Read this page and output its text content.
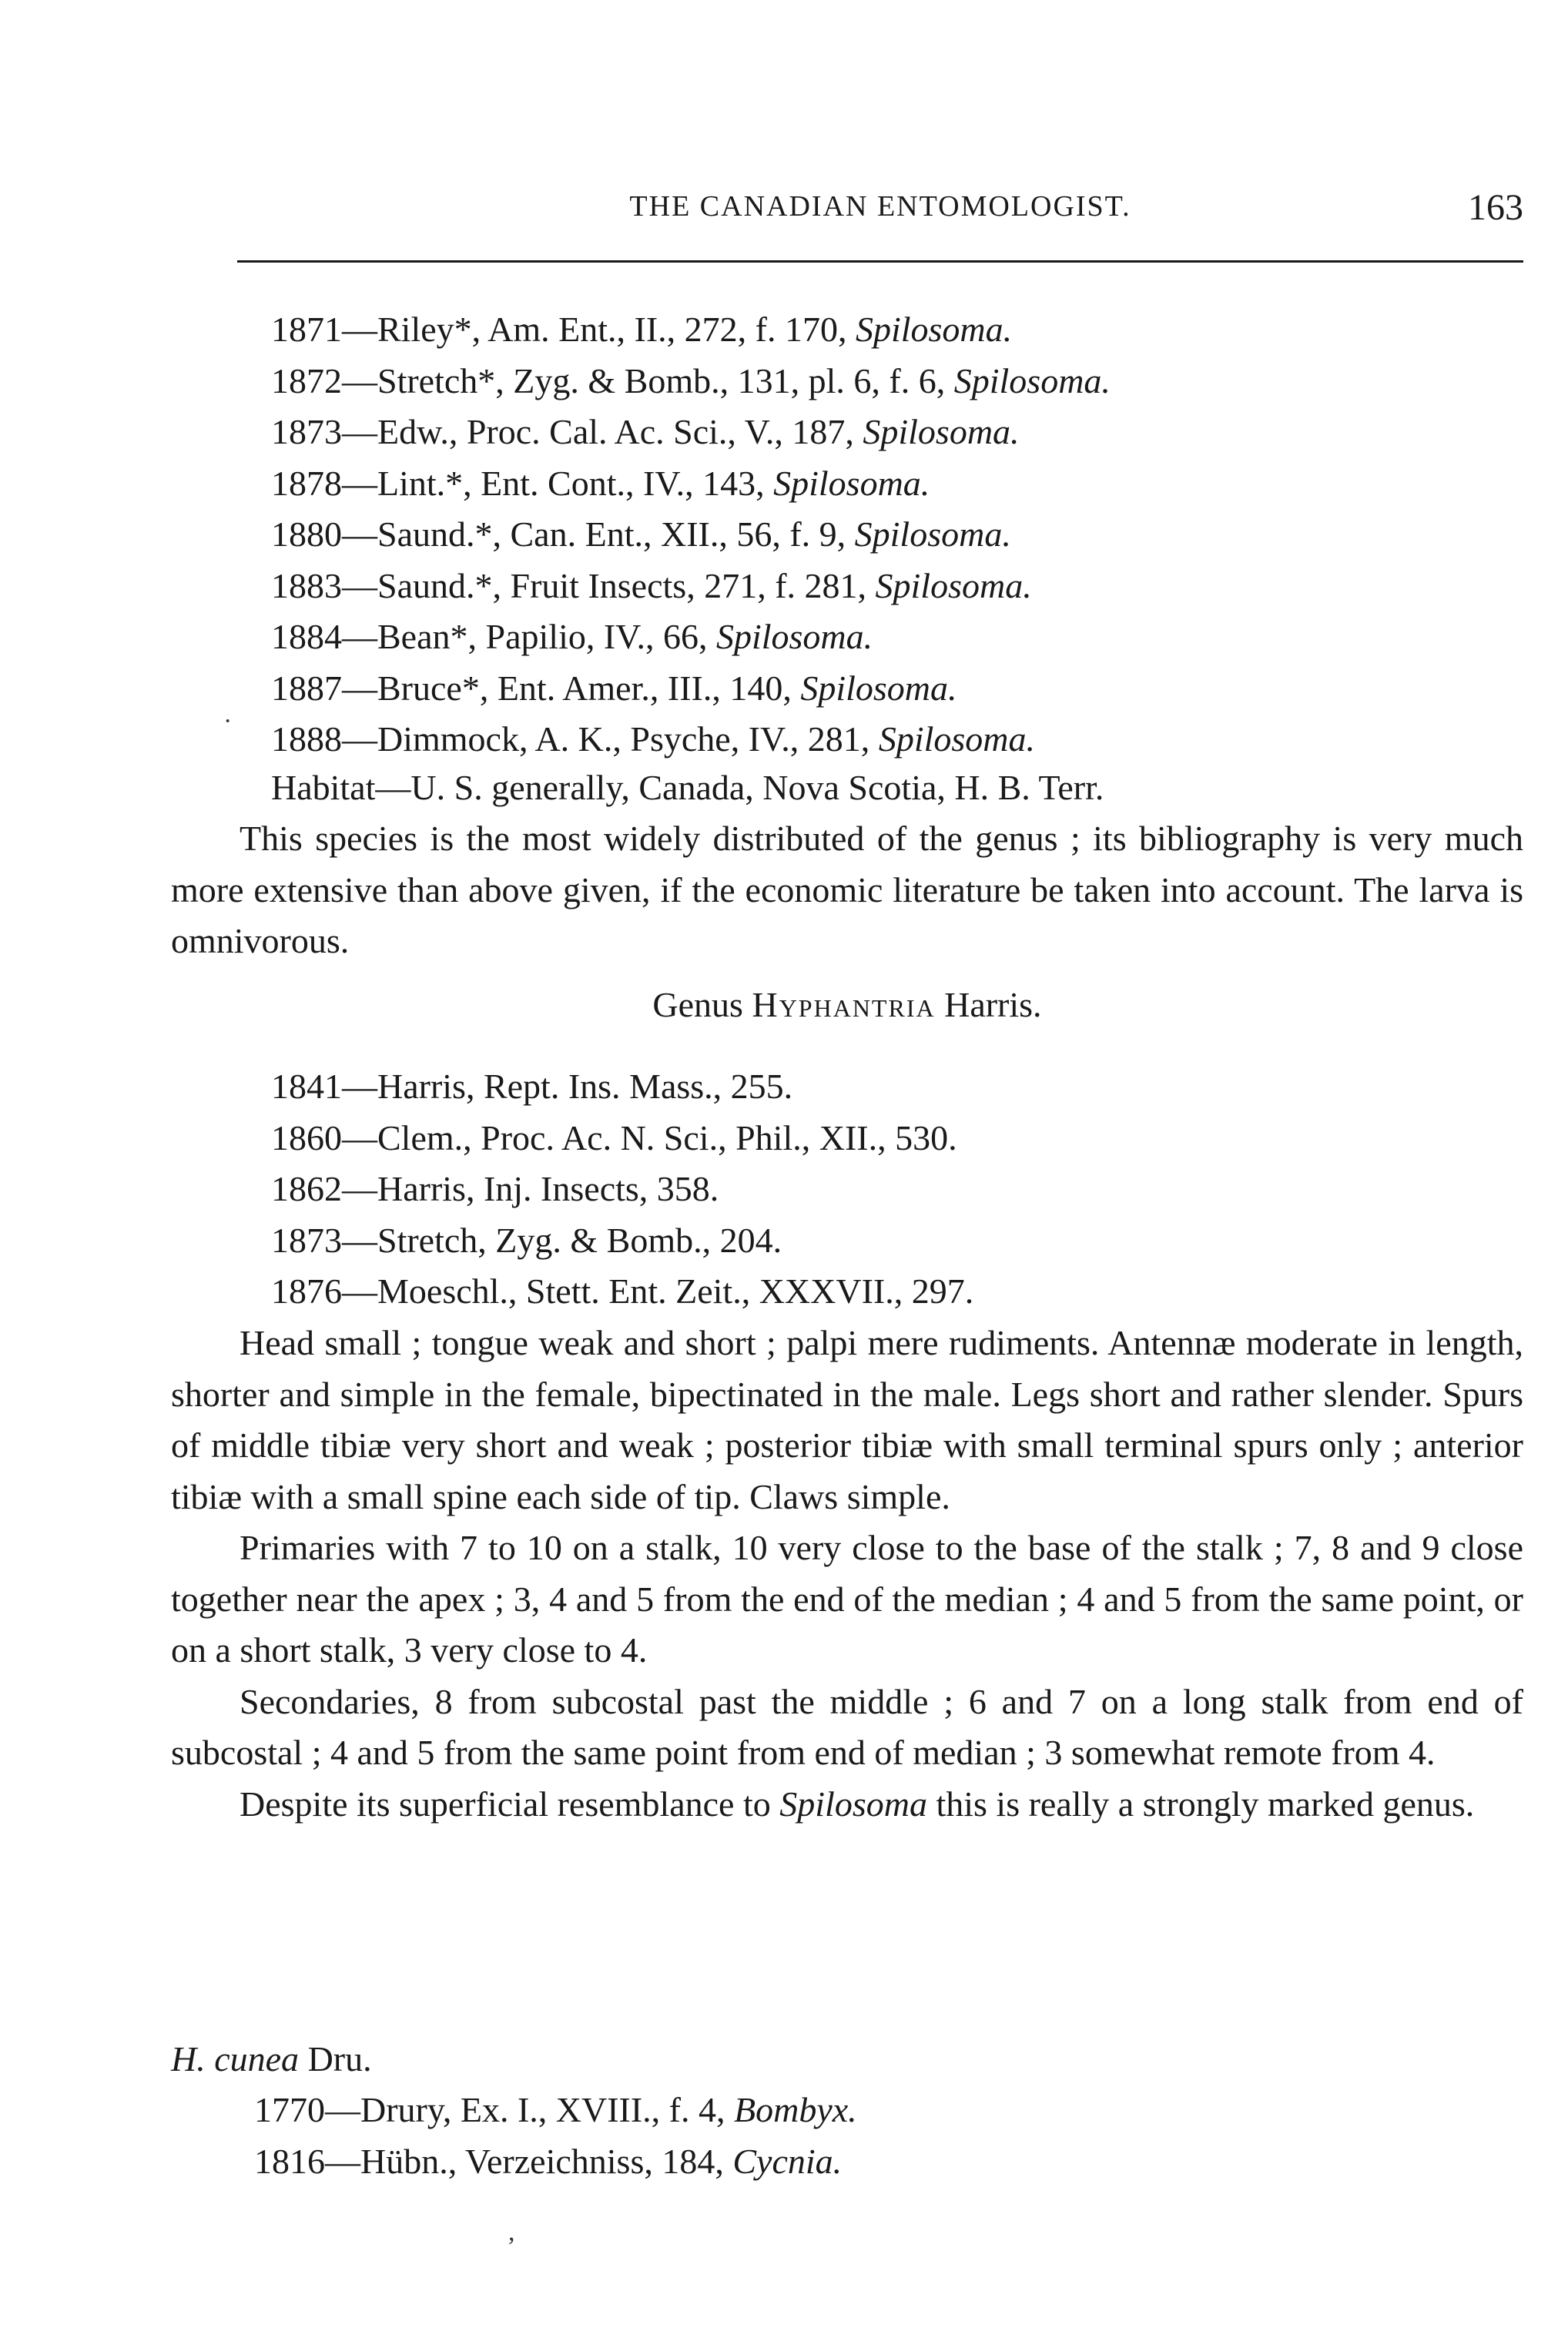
THE CANADIAN ENTOMOLOGIST.	163
1871—Riley*, Am. Ent., II., 272, f. 170, Spilosoma.
1872—Stretch*, Zyg. & Bomb., 131, pl. 6, f. 6, Spilosoma.
1873—Edw., Proc. Cal. Ac. Sci., V., 187, Spilosoma.
1878—Lint.*, Ent. Cont., IV., 143, Spilosoma.
1880—Saund.*, Can. Ent., XII., 56, f. 9, Spilosoma.
1883—Saund.*, Fruit Insects, 271, f. 281, Spilosoma.
1884—Bean*, Papilio, IV., 66, Spilosoma.
1887—Bruce*, Ent. Amer., III., 140, Spilosoma.
1888—Dimmock, A. K., Psyche, IV., 281, Spilosoma.
·
Habitat—U. S. generally, Canada, Nova Scotia, H. B. Terr.

This species is the most widely distributed of the genus ; its bibliography is very much more extensive than above given, if the economic literature be taken into account. The larva is omnivorous.

Genus Hyphantria Harris.
1841—Harris, Rept. Ins. Mass., 255.
1860—Clem., Proc. Ac. N. Sci., Phil., XII., 530.
1862—Harris, Inj. Insects, 358.
1873—Stretch, Zyg. & Bomb., 204.
1876—Moeschl., Stett. Ent. Zeit., XXXVII., 297.

Head small ; tongue weak and short ; palpi mere rudiments. Antennæ moderate in length, shorter and simple in the female, bipectinated in the male. Legs short and rather slender. Spurs of middle tibiæ very short and weak ; posterior tibiæ with small terminal spurs only ; anterior tibiæ with a small spine each side of tip. Claws simple.

Primaries with 7 to 10 on a stalk, 10 very close to the base of the stalk ; 7, 8 and 9 close together near the apex ; 3, 4 and 5 from the end of the median ; 4 and 5 from the same point, or on a short stalk, 3 very close to 4.

Secondaries, 8 from subcostal past the middle ; 6 and 7 on a long stalk from end of subcostal ; 4 and 5 from the same point from end of median ; 3 somewhat remote from 4.

Despite its superficial resemblance to Spilosoma this is really a strongly marked genus.

H. cunea Dru.
1770—Drury, Ex. I., XVIII., f. 4, Bombyx.
1816—Hübn., Verzeichniss, 184, Cycnia.
,
